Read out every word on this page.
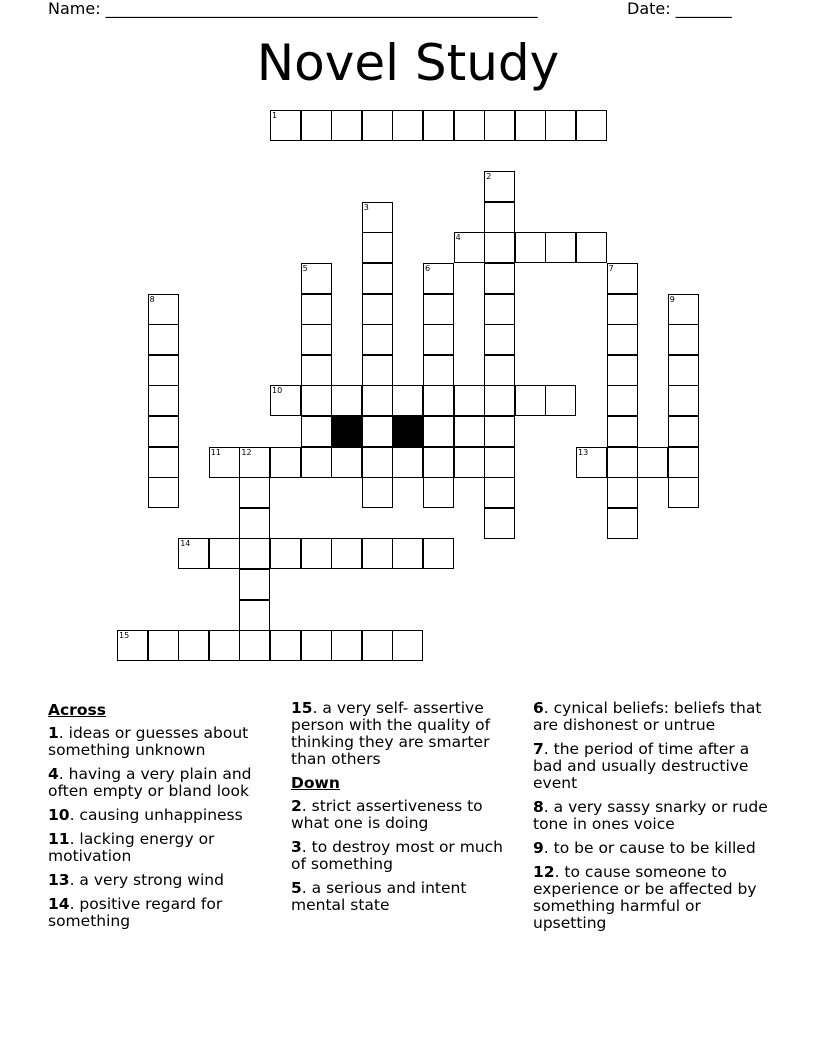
Name: ______________________________________________________	Date: _______
Novel Study
1
2
3
4
5	6	7
8	9
10
11	12	13
14
15
Across
1. ideas or guesses about something unknown
4. having a very plain and often empty or bland look
10. causing unhappiness
11. lacking energy or motivation
13. a very strong wind
14. positive regard for something
15. a very self- assertive person with the quality of thinking they are smarter than others
Down
2. strict assertiveness to what one is doing
3. to destroy most or much of something
5. a serious and intent mental state
6. cynical beliefs: beliefs that are dishonest or untrue
7. the period of time after a bad and usually destructive event
8. a very sassy snarky or rude tone in ones voice
9. to be or cause to be killed
12. to cause someone to experience or be affected by something harmful or upsetting
